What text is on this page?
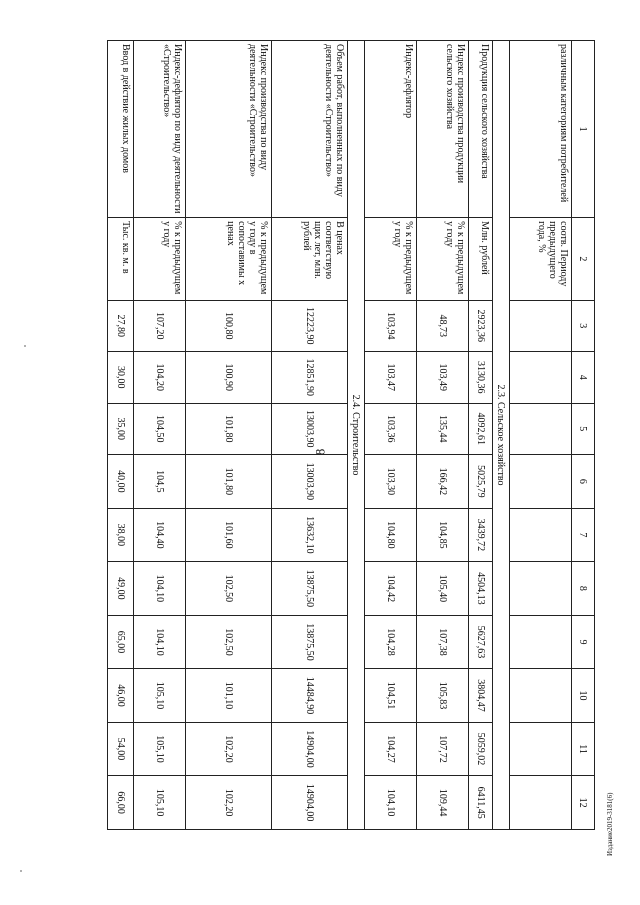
8
Издание2019-3181(6)
1	2	3	4	5	6	7	8	9	10	11	12
различным категориям потребителей	соотв. Периоду предыдущего года, %										
2.3. Сельское хозяйство											
Продукция сельского хозяйства	Млн. рублей	2923,36	3130,36	4092,61	5025,79	3439,72	4504,13	5627,63	3804,47	5059,02	6411,45
Индекс производства продукции сельского хозяйства	% к предыдущем у году	48,73	103,49	135,44	166,42	104,85	105,40	107,38	105,83	107,72	109,44
Индекс-дефлятор	% к предыдущем у году	103,94	103,47	103,36	103,30	104,80	104,42	104,28	104,51	104,27	104,10
2.4. Строительство											
Объем работ, выполненных по виду деятельности «Строительство»	В ценах соответствую щих лет, млн. рублей	12223,90	12851,90	13003,90	13003,90	13632,10	13875,50	13875,50	14484,90	14904,00	14904,00
Индекс производства по виду деятельности «Строительство»	% к предыдущем у году в сопоставимы х ценах	100,80	100,90	101,80	101,80	101,60	102,50	102,50	101,10	102,20	102,20
Индекс-дефлятор по виду деятельности «Строительство»	% к предыдущем у году	107,20	104,20	104,50	104,5	104,40	104,10	104,10	105,10	105,10	105,10
Ввод в действие жилых домов	Тыс. кв. м. в	27,80	30,00	35,00	40,00	38,00	49,00	65,00	46,00	54,00	66,00
